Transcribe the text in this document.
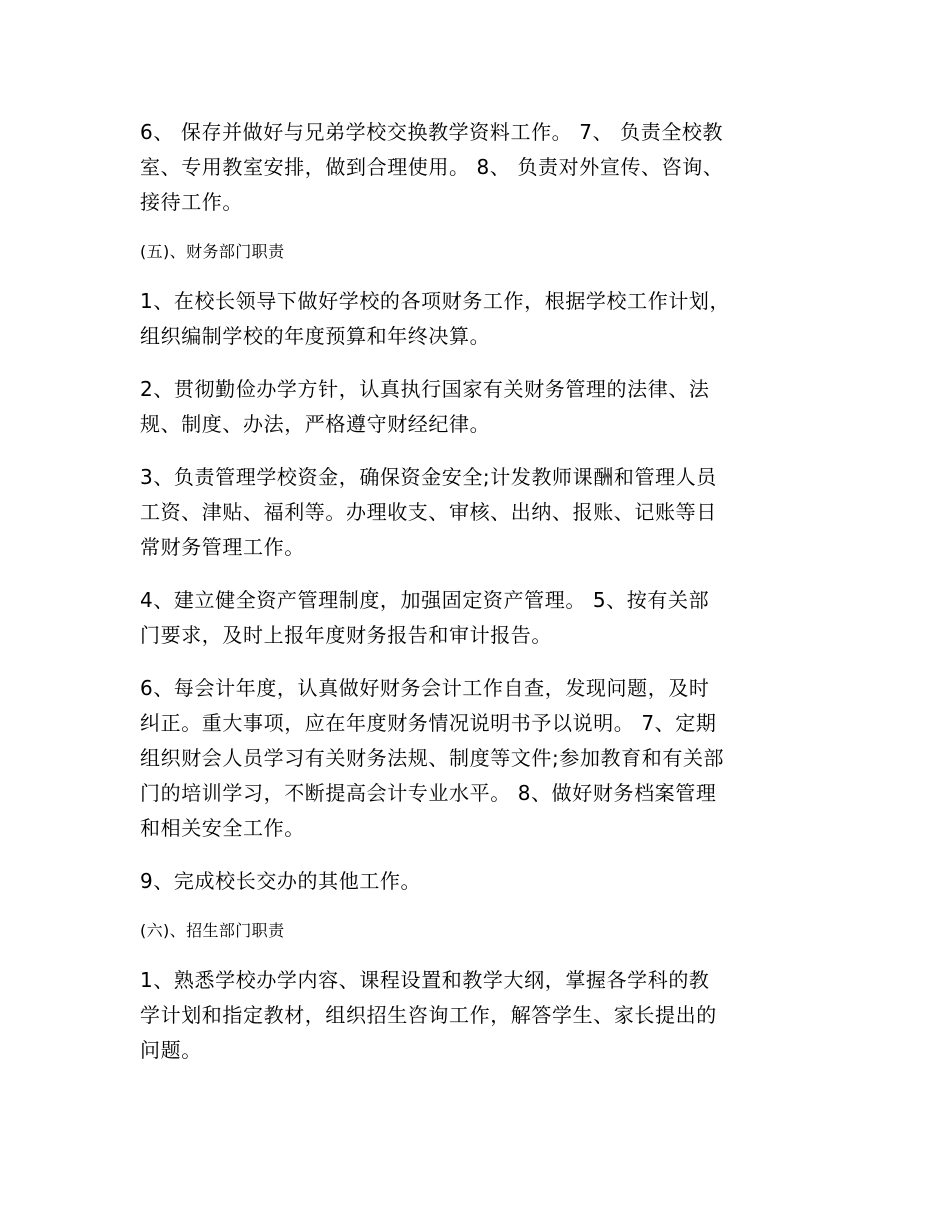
6、 保存并做好与兄弟学校交换教学资料工作。 7、 负责全校教
室、专用教室安排，做到合理使用。 8、 负责对外宣传、咨询、
接待工作。

(五)、财务部门职责

1、在校长领导下做好学校的各项财务工作，根据学校工作计划，
组织编制学校的年度预算和年终决算。

2、贯彻勤俭办学方针，认真执行国家有关财务管理的法律、法
规、制度、办法，严格遵守财经纪律。

3、负责管理学校资金，确保资金安全;计发教师课酬和管理人员
工资、津贴、福利等。办理收支、审核、出纳、报账、记账等日
常财务管理工作。

4、建立健全资产管理制度，加强固定资产管理。 5、按有关部
门要求，及时上报年度财务报告和审计报告。

6、每会计年度，认真做好财务会计工作自查，发现问题，及时
纠正。重大事项，应在年度财务情况说明书予以说明。 7、定期
组织财会人员学习有关财务法规、制度等文件;参加教育和有关部
门的培训学习，不断提高会计专业水平。 8、做好财务档案管理
和相关安全工作。

9、完成校长交办的其他工作。

(六)、招生部门职责

1、熟悉学校办学内容、课程设置和教学大纲，掌握各学科的教
学计划和指定教材，组织招生咨询工作，解答学生、家长提出的
问题。
